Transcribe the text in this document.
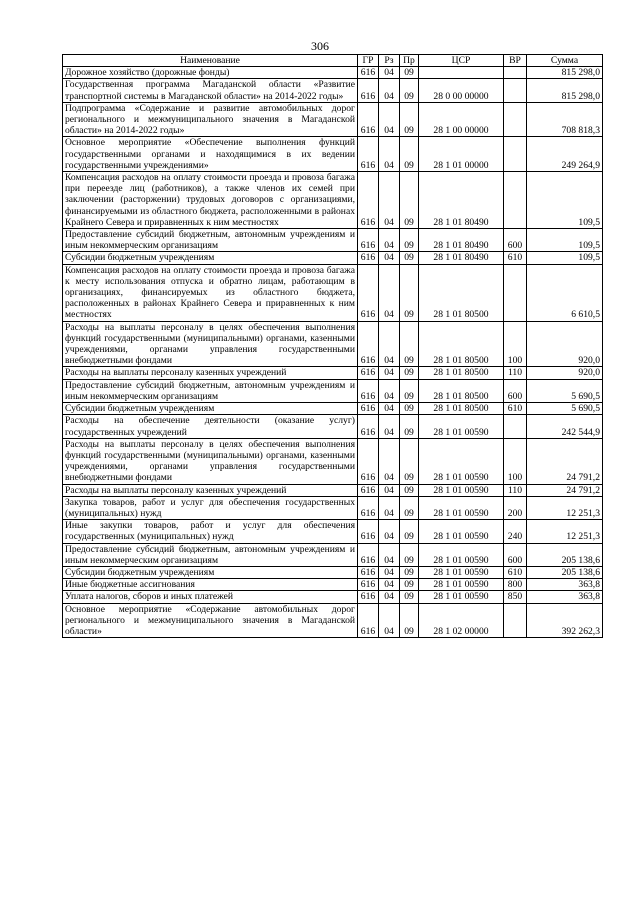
306
Наименование	ГР	Рз	Пр	ЦСР	ВР	Сумма
Дорожное хозяйство (дорожные фонды)	616	04	09			815 298,0
Государственная программа Магаданской области «Развитие транспортной системы в Магаданской области» на 2014-2022 годы»	616	04	09	28 0 00 00000		815 298,0
Подпрограмма «Содержание и развитие автомобильных дорог регионального и межмуниципального значения в Магаданской области» на 2014-2022 годы»	616	04	09	28 1 00 00000		708 818,3
Основное мероприятие «Обеспечение выполнения функций государственными органами и находящимися в их ведении государственными учреждениями»	616	04	09	28 1 01 00000		249 264,9
Компенсация расходов на оплату стоимости проезда и провоза багажа при переезде лиц (работников), а также членов их семей при заключении (расторжении) трудовых договоров с организациями, финансируемыми из областного бюджета, расположенными в районах Крайнего Севера и приравненных к ним местностях	616	04	09	28 1 01 80490		109,5
Предоставление субсидий бюджетным, автономным учреждениям и иным некоммерческим организациям	616	04	09	28 1 01 80490	600	109,5
Субсидии бюджетным учреждениям	616	04	09	28 1 01 80490	610	109,5
Компенсация расходов на оплату стоимости проезда и провоза багажа к месту использования отпуска и обратно лицам, работающим в организациях, финансируемых из областного бюджета, расположенных в районах Крайнего Севера и приравненных к ним местностях	616	04	09	28 1 01 80500		6 610,5
Расходы на выплаты персоналу в целях обеспечения выполнения функций государственными (муниципальными) органами, казенными учреждениями, органами управления государственными внебюджетными фондами	616	04	09	28 1 01 80500	100	920,0
Расходы на выплаты персоналу казенных учреждений	616	04	09	28 1 01 80500	110	920,0
Предоставление субсидий бюджетным, автономным учреждениям и иным некоммерческим организациям	616	04	09	28 1 01 80500	600	5 690,5
Субсидии бюджетным учреждениям	616	04	09	28 1 01 80500	610	5 690,5
Расходы на обеспечение деятельности (оказание услуг) государственных учреждений	616	04	09	28 1 01 00590		242 544,9
Расходы на выплаты персоналу в целях обеспечения выполнения функций государственными (муниципальными) органами, казенными учреждениями, органами управления государственными внебюджетными фондами	616	04	09	28 1 01 00590	100	24 791,2
Расходы на выплаты персоналу казенных учреждений	616	04	09	28 1 01 00590	110	24 791,2
Закупка товаров, работ и услуг для обеспечения государственных (муниципальных) нужд	616	04	09	28 1 01 00590	200	12 251,3
Иные закупки товаров, работ и услуг для обеспечения государственных (муниципальных) нужд	616	04	09	28 1 01 00590	240	12 251,3
Предоставление субсидий бюджетным, автономным учреждениям и иным некоммерческим организациям	616	04	09	28 1 01 00590	600	205 138,6
Субсидии бюджетным учреждениям	616	04	09	28 1 01 00590	610	205 138,6
Иные бюджетные ассигнования	616	04	09	28 1 01 00590	800	363,8
Уплата налогов, сборов и иных платежей	616	04	09	28 1 01 00590	850	363,8
Основное мероприятие «Содержание автомобильных дорог регионального и межмуниципального значения в Магаданской области»	616	04	09	28 1 02 00000		392 262,3
